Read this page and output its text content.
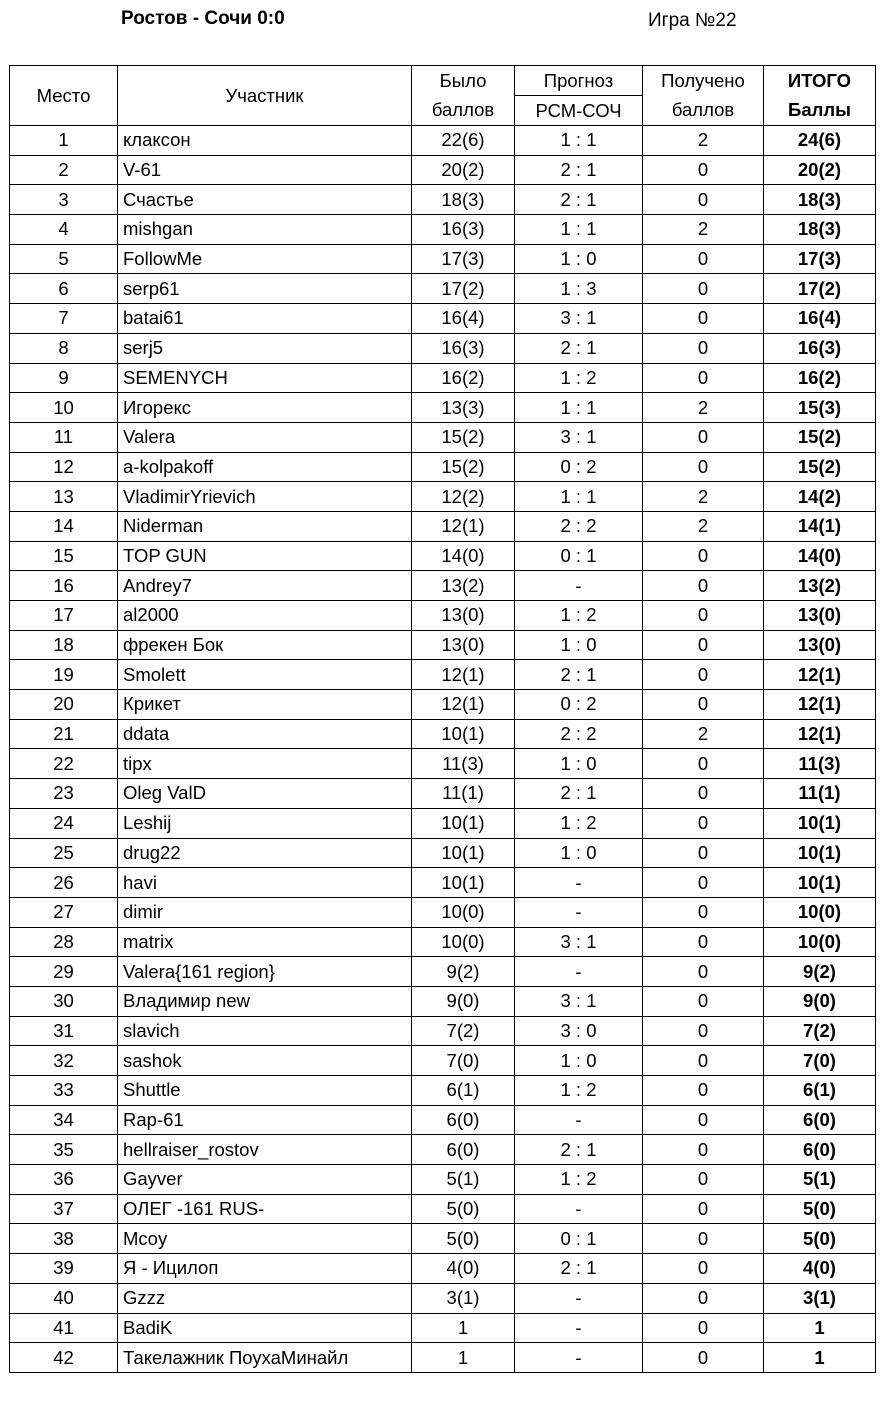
Ростов - Сочи 0:0	Игра №22
Место	Участник	Было	Прогноз	Получено	ИТОГО
		баллов	РСМ-СОЧ	баллов	Баллы
1	клаксон	22(6)	1 : 1	2	24(6)
2	V-61	20(2)	2 : 1	0	20(2)
3	Счастье	18(3)	2 : 1	0	18(3)
4	mishgan	16(3)	1 : 1	2	18(3)
5	FollowMe	17(3)	1 : 0	0	17(3)
6	serp61	17(2)	1 : 3	0	17(2)
7	batai61	16(4)	3 : 1	0	16(4)
8	serj5	16(3)	2 : 1	0	16(3)
9	SEMENYCH	16(2)	1 : 2	0	16(2)
10	Игорекс	13(3)	1 : 1	2	15(3)
11	Valera	15(2)	3 : 1	0	15(2)
12	a-kolpakoff	15(2)	0 : 2	0	15(2)
13	VladimirYrievich	12(2)	1 : 1	2	14(2)
14	Niderman	12(1)	2 : 2	2	14(1)
15	TOP GUN	14(0)	0 : 1	0	14(0)
16	Andrey7	13(2)	-	0	13(2)
17	al2000	13(0)	1 : 2	0	13(0)
18	фрекен Бок	13(0)	1 : 0	0	13(0)
19	Smolett	12(1)	2 : 1	0	12(1)
20	Крикет	12(1)	0 : 2	0	12(1)
21	ddata	10(1)	2 : 2	2	12(1)
22	tipx	11(3)	1 : 0	0	11(3)
23	Oleg ValD	11(1)	2 : 1	0	11(1)
24	Leshij	10(1)	1 : 2	0	10(1)
25	drug22	10(1)	1 : 0	0	10(1)
26	havi	10(1)	-	0	10(1)
27	dimir	10(0)	-	0	10(0)
28	matrix	10(0)	3 : 1	0	10(0)
29	Valera{161 region}	9(2)	-	0	9(2)
30	Владимир new	9(0)	3 : 1	0	9(0)
31	slavich	7(2)	3 : 0	0	7(2)
32	sashok	7(0)	1 : 0	0	7(0)
33	Shuttle	6(1)	1 : 2	0	6(1)
34	Rap-61	6(0)	-	0	6(0)
35	hellraiser_rostov	6(0)	2 : 1	0	6(0)
36	Gayver	5(1)	1 : 2	0	5(1)
37	ОЛЕГ -161 RUS-	5(0)	-	0	5(0)
38	Mcoy	5(0)	0 : 1	0	5(0)
39	Я - Ицилоп	4(0)	2 : 1	0	4(0)
40	Gzzz	3(1)	-	0	3(1)
41	BadiK	1	-	0	1
42	Такелажник ПоухаМинайл	1	-	0	1
